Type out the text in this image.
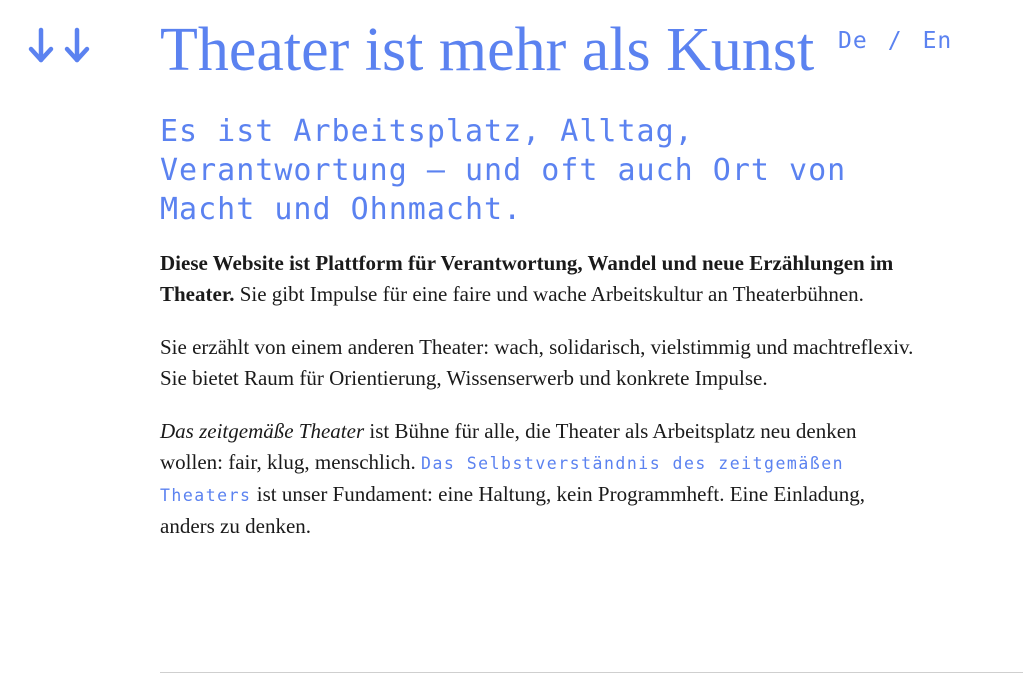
Theater ist mehr als Kunst De / En
Es ist Arbeitsplatz, Alltag, Verantwortung – und oft auch Ort von Macht und Ohnmacht.

Diese Website ist Plattform für Verantwortung, Wandel und neue Erzählungen im Theater. Sie gibt Impulse für eine faire und wache Arbeitskultur an Theaterbühnen.

Sie erzählt von einem anderen Theater: wach, solidarisch, vielstimmig und machtreflexiv. Sie bietet Raum für Orientierung, Wissenserwerb und konkrete Impulse.

Das zeitgemäße Theater ist Bühne für alle, die Theater als Arbeitsplatz neu denken wollen: fair, klug, menschlich. Das Selbstverständnis des zeitgemäßen Theaters ist unser Fundament: eine Haltung, kein Programmheft. Eine Einladung, anders zu denken.
